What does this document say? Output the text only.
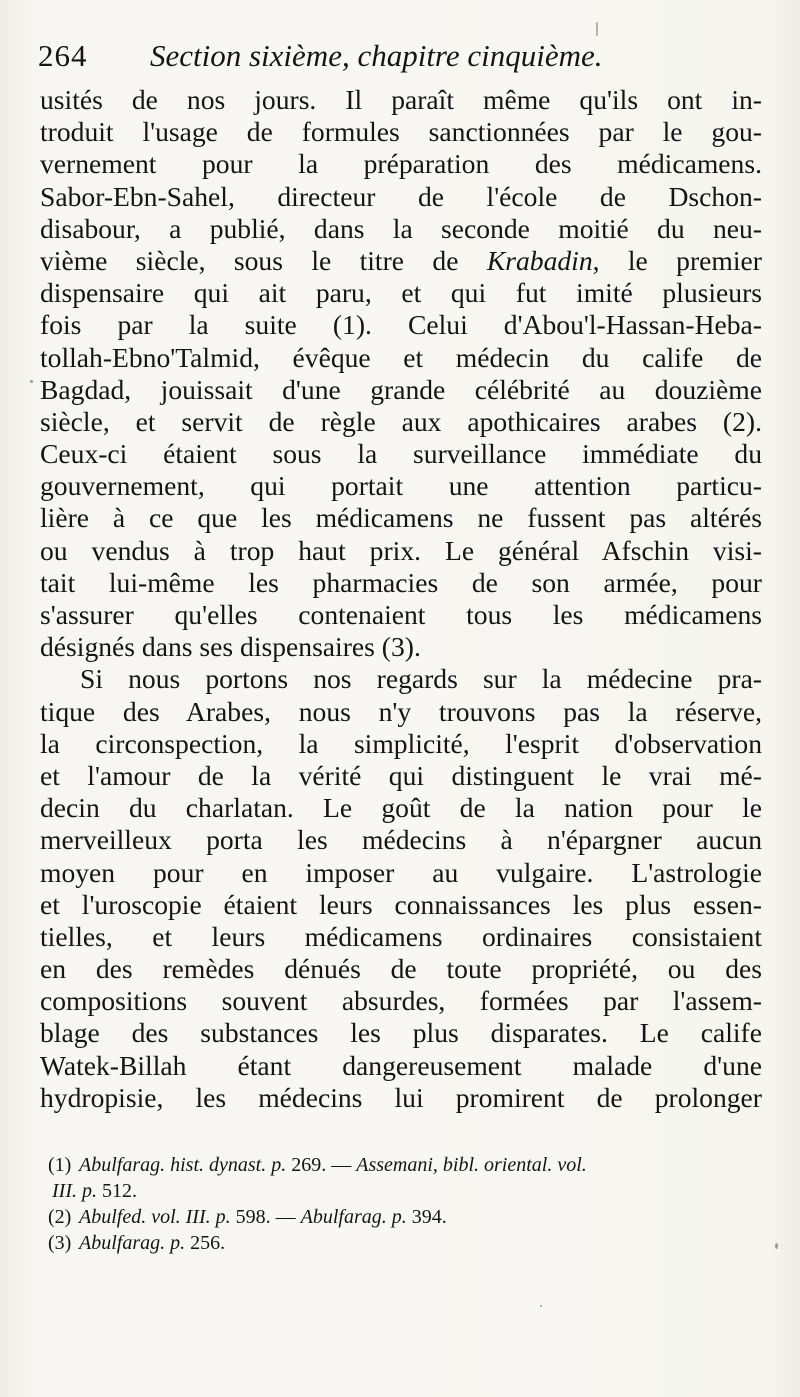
264 Section sixième, chapitre cinquième.
usités de nos jours. Il paraît même qu'ils ont in-
troduit l'usage de formules sanctionnées par le gou-
vernement pour la préparation des médicamens.
Sabor-Ebn-Sahel, directeur de l'école de Dschon-
disabour, a publié, dans la seconde moitié du neu-
vième siècle, sous le titre de Krabadin, le premier
dispensaire qui ait paru, et qui fut imité plusieurs
fois par la suite (1). Celui d'Abou'l-Hassan-Heba-
tollah-Ebno'Talmid, évêque et médecin du calife de
Bagdad, jouissait d'une grande célébrité au douzième
siècle, et servit de règle aux apothicaires arabes (2).
Ceux-ci étaient sous la surveillance immédiate du
gouvernement, qui portait une attention particu-
lière à ce que les médicamens ne fussent pas altérés
ou vendus à trop haut prix. Le général Afschin visi-
tait lui-même les pharmacies de son armée, pour
s'assurer qu'elles contenaient tous les médicamens
désignés dans ses dispensaires (3).
Si nous portons nos regards sur la médecine pra-
tique des Arabes, nous n'y trouvons pas la réserve,
la circonspection, la simplicité, l'esprit d'observation
et l'amour de la vérité qui distinguent le vrai mé-
decin du charlatan. Le goût de la nation pour le
merveilleux porta les médecins à n'épargner aucun
moyen pour en imposer au vulgaire. L'astrologie
et l'uroscopie étaient leurs connaissances les plus essen-
tielles, et leurs médicamens ordinaires consistaient
en des remèdes dénués de toute propriété, ou des
compositions souvent absurdes, formées par l'assem-
blage des substances les plus disparates. Le calife
Watek-Billah étant dangereusement malade d'une
hydropisie, les médecins lui promirent de prolonger
(1) Abulfarag. hist. dynast. p. 269. — Assemani, bibl. oriental. vol.
III. p. 512.
(2) Abulfed. vol. III. p. 598. — Abulfarag. p. 394.
(3) Abulfarag. p. 256.
